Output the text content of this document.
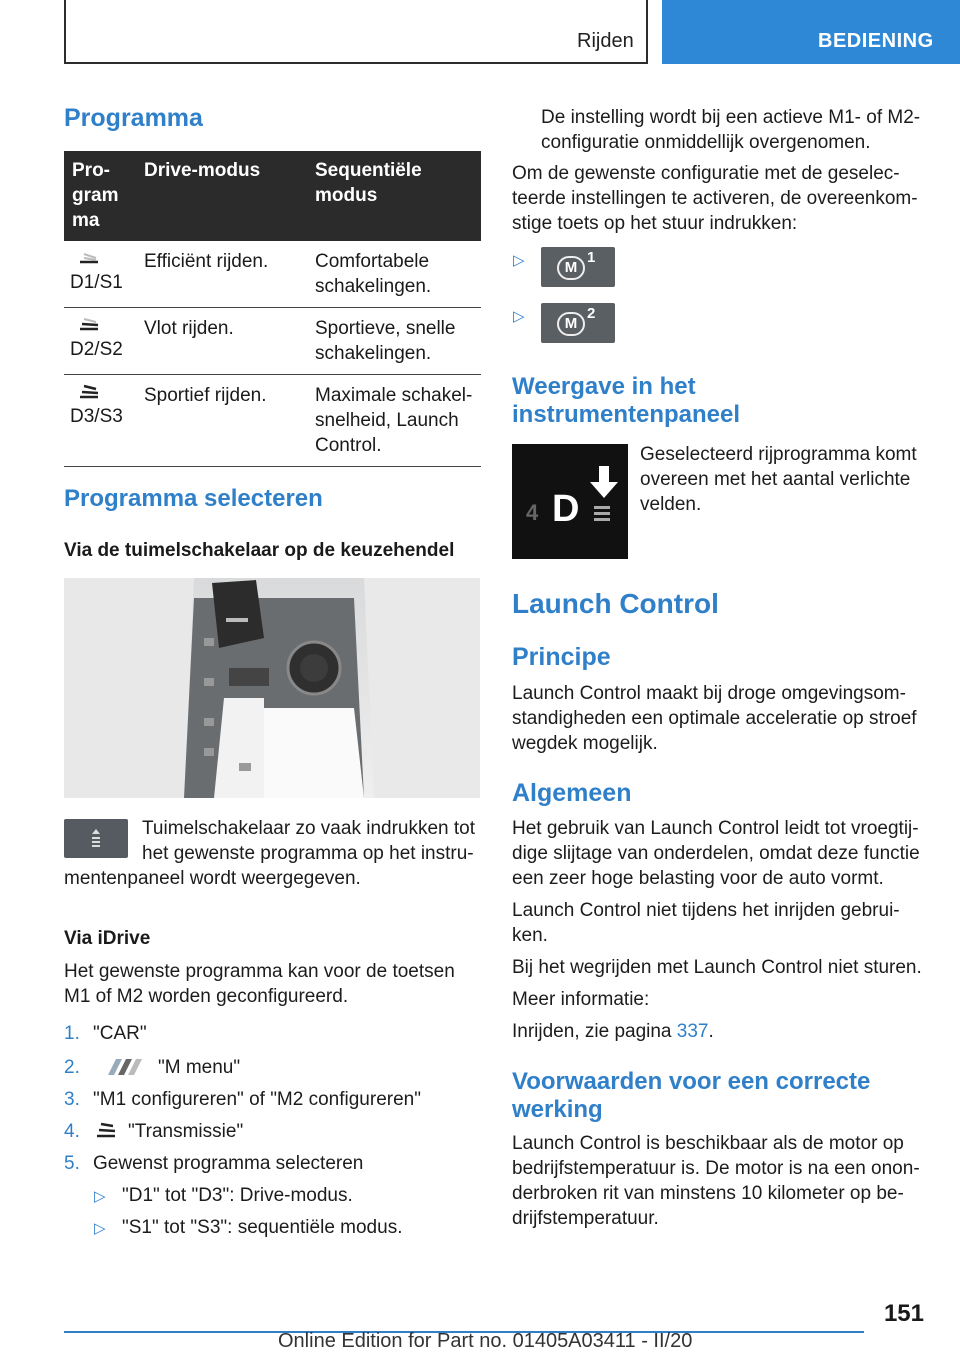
Rijden	BEDIENING
Programma
Pro-
gram
ma	Drive-modus	Sequentiële
modus

D1/S1	Efficiënt rijden.	Comfortabele
schakelingen.

D2/S2	Vlot rijden.	Sportieve, snelle
schakelingen.

D3/S3	Sportief rijden.	Maximale schakel-
snelheid, Launch
Control.
Programma selecteren
Via de tuimelschakelaar op de keuzehendel
Tuimelschakelaar zo vaak indrukken tot
het gewenste programma op het instru-
mentenpaneel wordt weergegeven.
Via iDrive
Het gewenste programma kan voor de toetsen
M1 of M2 worden geconfigureerd.
1. "CAR"
2.	"M menu"
3. "M1 configureren" of "M2 configureren"
4.	"Transmissie"
5. Gewenst programma selecteren
▷ "D1" tot "D3": Drive-modus.
▷ "S1" tot "S3": sequentiële modus.
De instelling wordt bij een actieve M1- of M2-
configuratie onmiddellijk overgenomen.
Om de gewenste configuratie met de geselec-
teerde instellingen te activeren, de overeenkom-
stige toets op het stuur indrukken:
▷	M
1
▷	M
2
Weergave in het
instrumentenpaneel
4 D
Geselecteerd rijprogramma komt
overeen met het aantal verlichte
velden.
Launch Control
Principe
Launch Control maakt bij droge omgevingsom-
standigheden een optimale acceleratie op stroef
wegdek mogelijk.
Algemeen
Het gebruik van Launch Control leidt tot vroegtij-
dige slijtage van onderdelen, omdat deze functie
een zeer hoge belasting voor de auto vormt.
Launch Control niet tijdens het inrijden gebrui-
ken.
Bij het wegrijden met Launch Control niet sturen.
Meer informatie:
Inrijden, zie pagina 337.
Voorwaarden voor een correcte
werking
Launch Control is beschikbaar als de motor op
bedrijfstemperatuur is. De motor is na een onon-
derbroken rit van minstens 10 kilometer op be-
drijfstemperatuur.
151
Online Edition for Part no. 01405A03411 - II/20
